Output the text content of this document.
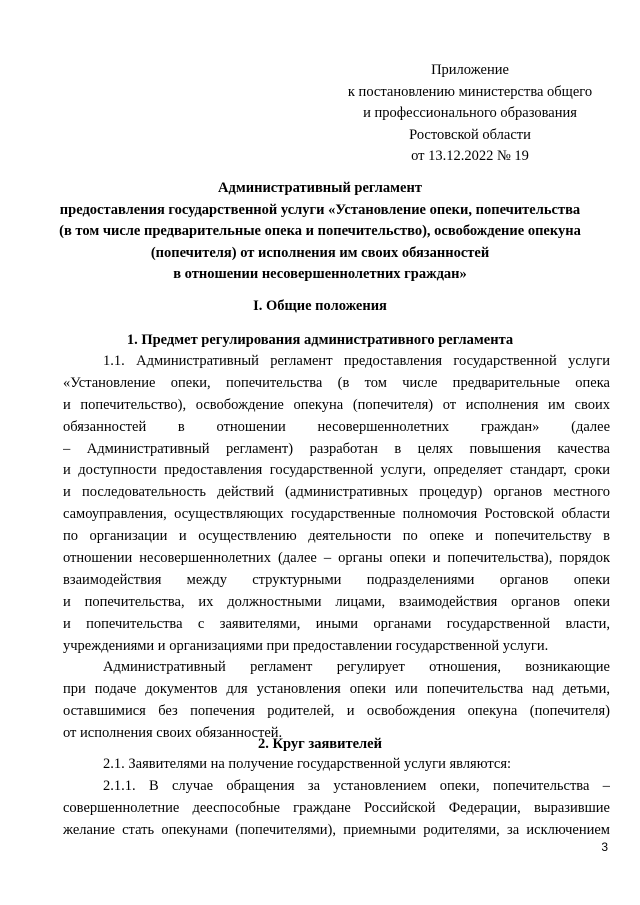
Приложение
к постановлению министерства общего
и профессионального образования
Ростовской области
от 13.12.2022 № 19
Административный регламент
предоставления государственной услуги «Установление опеки, попечительства
(в том числе предварительные опека и попечительство), освобождение опекуна
(попечителя) от исполнения им своих обязанностей
в отношении несовершеннолетних граждан»
I. Общие положения
1. Предмет регулирования административного регламента
1.1. Административный регламент предоставления государственной услуги
«Установление опеки, попечительства (в том числе предварительные опека
и попечительство), освобождение опекуна (попечителя) от исполнения им своих
обязанностей в отношении несовершеннолетних граждан» (далее
– Административный регламент) разработан в целях повышения качества
и доступности предоставления государственной услуги, определяет стандарт, сроки
и последовательность действий (административных процедур) органов местного
самоуправления, осуществляющих государственные полномочия Ростовской области
по организации и осуществлению деятельности по опеке и попечительству в
отношении несовершеннолетних (далее – органы опеки и попечительства), порядок
взаимодействия между структурными подразделениями органов опеки
и попечительства, их должностными лицами, взаимодействия органов опеки
и попечительства с заявителями, иными органами государственной власти,
учреждениями и организациями при предоставлении государственной услуги.
Административный регламент регулирует отношения, возникающие
при подаче документов для установления опеки или попечительства над детьми,
оставшимися без попечения родителей, и освобождения опекуна (попечителя)
от исполнения своих обязанностей.
2. Круг заявителей
2.1. Заявителями на получение государственной услуги являются:
2.1.1. В случае обращения за установлением опеки, попечительства –
совершеннолетние дееспособные граждане Российской Федерации, выразившие
желание стать опекунами (попечителями), приемными родителями, за исключением
3
